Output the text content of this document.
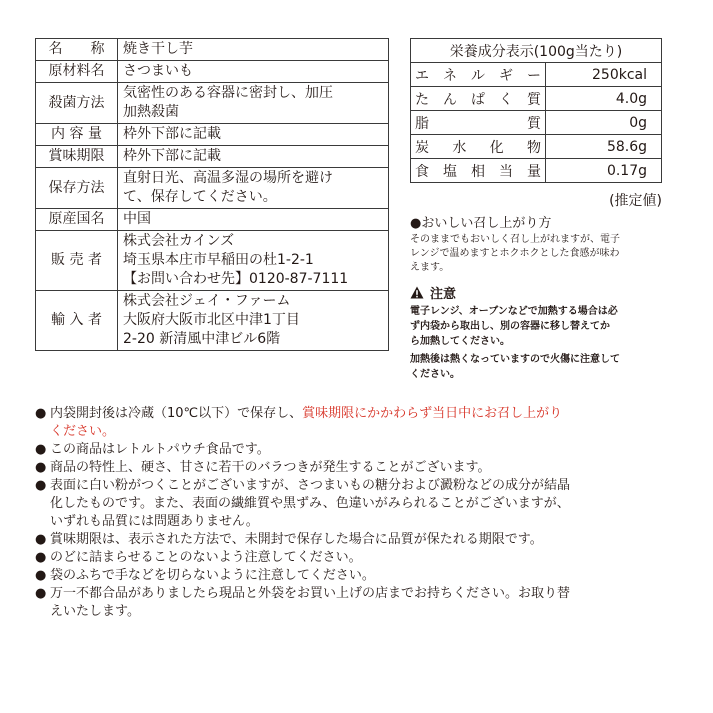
名　　称	焼き干し芋

原材料名	さつまいも

殺菌方法	気密性のある容器に密封し、加圧
加熱殺菌

内 容 量	枠外下部に記載

賞味期限	枠外下部に記載

保存方法	直射日光、高温多湿の場所を避け
て、保存してください。

原産国名	中国

販 売 者	株式会社カインズ
埼玉県本庄市早稲田の杜1-2-1
【お問い合わせ先】0120-87-7111

輸 入 者	株式会社ジェイ・ファーム
大阪府大阪市北区中津1丁目
2-20 新清風中津ビル6階
栄養成分表示(100g当たり)	
エネルギー	250kcal
たんぱく質	4.0g
脂質	0g
炭水化物	58.6g
食塩相当量	0.17g
(推定値)
●おいしい召し上がり方
そのままでもおいしく召し上がれますが、電子
レンジで温めますとホクホクとした食感が味わ
えます。
注意
電子レンジ、オーブンなどで加熱する場合は必
ず内袋から取出し、別の容器に移し替えてか
ら加熱してください。
加熱後は熱くなっていますので火傷に注意して
ください。
● 内袋開封後は冷蔵（10℃以下）で保存し、賞味期限にかかわらず当日中にお召し上がり
ください。
● この商品はレトルトパウチ食品です。
● 商品の特性上、硬さ、甘さに若干のバラつきが発生することがございます。
● 表面に白い粉がつくことがございますが、さつまいもの糖分および澱粉などの成分が結晶
化したものです。また、表面の繊維質や黒ずみ、色違いがみられることがございますが、
いずれも品質には問題ありません。
● 賞味期限は、表示された方法で、未開封で保存した場合に品質が保たれる期限です。
● のどに詰まらせることのないよう注意してください。
● 袋のふちで手などを切らないように注意してください。
● 万一不都合品がありましたら現品と外袋をお買い上げの店までお持ちください。お取り替
えいたします。
